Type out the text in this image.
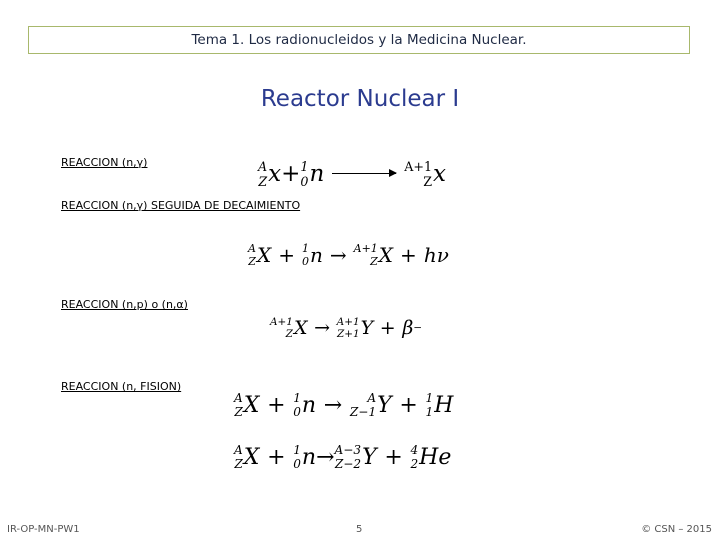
Tema 1. Los radionucleidos y la Medicina Nuclear.
Reactor Nuclear I
REACCION (n,γ)
REACCION (n,γ) SEGUIDA DE DECAIMIENTO
REACCION (n,p) o (n,α)
REACCION (n, FISION)
A
Z x + 1
0 n	A+1
Z x
A
Z X + 1
0 n → A+1
Z X + hν
A+1
Z X → A+1
Z+1 Y + β −
A
Z X + 1
0 n → A
Z−1 Y + 1
1 H
A
Z X + 1
0 n → A−3
Z−2 Y + 4
2 He
IR-OP-MN-PW1	5	© CSN – 2015
